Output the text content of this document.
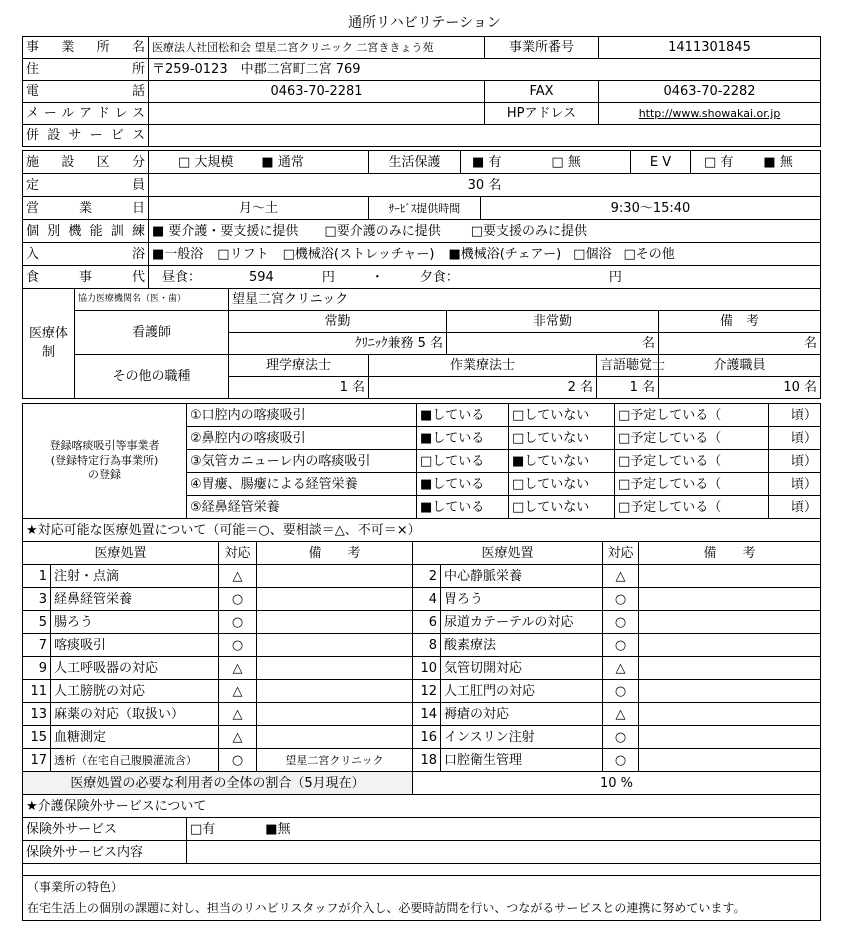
通所リハビリテーション
事業所名	医療法人社団松和会 望星二宮クリニック 二宮ききょう苑	事業所番号	1411301845

住所	〒259-0123　中郡二宮町二宮 769		

電話	0463-70-2281	FAX	0463-70-2282

メールアドレス		HPアドレス	http://www.showakai.or.jp

併設サービス			

施設区分	□ 大規模 ■ 通常	生活保護	■ 有	□ 無	E V	□ 有 ■ 無
定員	30 名
営業日	月〜土	ｻｰﾋﾞｽ提供時間	9:30〜15:40
個別機能訓練	■ 要介護・要支援に提供 □要介護のみに提供 □要支援のみに提供

入浴	■一般浴 □リフト □機械浴(ストレッチャー) ■機械浴(チェアー) □個浴 □その他

食事代	昼食： 594 円 ・ 夕食： 円
医療体制	協力医療機関名（医・歯）	望星二宮クリニック				
	看護師	常勤		非常勤		備　考
		ｸﾘﾆｯｸ兼務 5 名		名		名
	その他の職種	理学療法士	作業療法士		言語聴覚士	介護職員
		1 名	2 名		1 名	10 名
登録喀痰吸引等事業者
(登録特定行為事業所)
の登録	①口腔内の喀痰吸引	■している	□していない	□予定している（	頃）
	②鼻腔内の喀痰吸引	■している	□していない	□予定している（	頃）
	③気管カニューレ内の喀痰吸引	□している	■していない	□予定している（	頃）
	④胃瘻、腸瘻による経管栄養	■している	□していない	□予定している（	頃）
	⑤経鼻経管栄養	■している	□していない	□予定している（	頃）
★対応可能な医療処置について（可能＝○、要相談＝△、不可＝×）							
医療処置		対応	備　　考	医療処置		対応	備　　考
1	注射・点滴	△		2	中心静脈栄養	△	
3	経鼻経管栄養	○		4	胃ろう	○	
5	腸ろう	○		6	尿道カテーテルの対応	○	
7	喀痰吸引	○		8	酸素療法	○	
9	人工呼吸器の対応	△		10	気管切開対応	△	
11	人工膀胱の対応	△		12	人工肛門の対応	○	
13	麻薬の対応（取扱い）	△		14	褥瘡の対応	△	
15	血糖測定	△		16	インスリン注射	○	
17	透析（在宅自己腹膜灌流含）	○	望星二宮クリニック	18	口腔衛生管理	○	
医療処置の必要な利用者の全体の割合（5月現在）				10 %			
★介護保険外サービスについて	
保険外サービス	□有 ■無
保険外サービス内容	

（事業所の特色）
在宅生活上の個別の課題に対し、担当のリハビリスタッフが介入し、必要時訪問を行い、つながるサービスとの連携に努めています。
